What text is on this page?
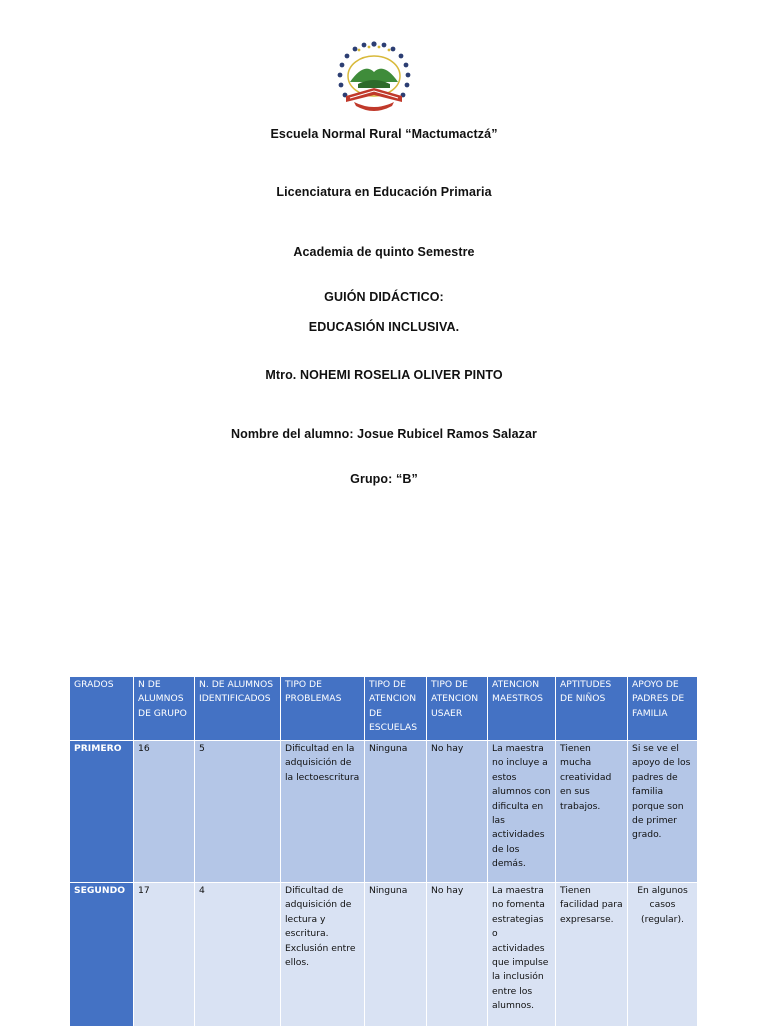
Escuela Normal Rural “Mactumactzá”
Licenciatura en Educación Primaria
Academia de quinto Semestre
GUIÓN DIDÁCTICO:
EDUCASIÓN INCLUSIVA.
Mtro. NOHEMI ROSELIA OLIVER PINTO
Nombre del alumno: Josue Rubicel Ramos Salazar
Grupo: “B”
GRADOS	N DE ALUMNOS DE GRUPO	N. DE ALUMNOS IDENTIFICADOS	TIPO DE PROBLEMAS	TIPO DE ATENCION DE ESCUELAS	TIPO DE ATENCION USAER	ATENCION MAESTROS	APTITUDES DE NIÑOS	APOYO DE PADRES DE FAMILIA
PRIMERO	16	5	Dificultad en la adquisición de la lectoescritura	Ninguna	No hay	La maestra no incluye a estos alumnos con dificulta en las actividades de los demás.	Tienen mucha creatividad en sus trabajos.	Si se ve el apoyo de los padres de familia porque son de primer grado.
SEGUNDO	17	4	Dificultad de adquisición de lectura y escritura. Exclusión entre ellos.	Ninguna	No hay	La maestra no fomenta estrategias o actividades que impulse la inclusión entre los alumnos.	Tienen facilidad para expresarse.	En algunos casos (regular).
